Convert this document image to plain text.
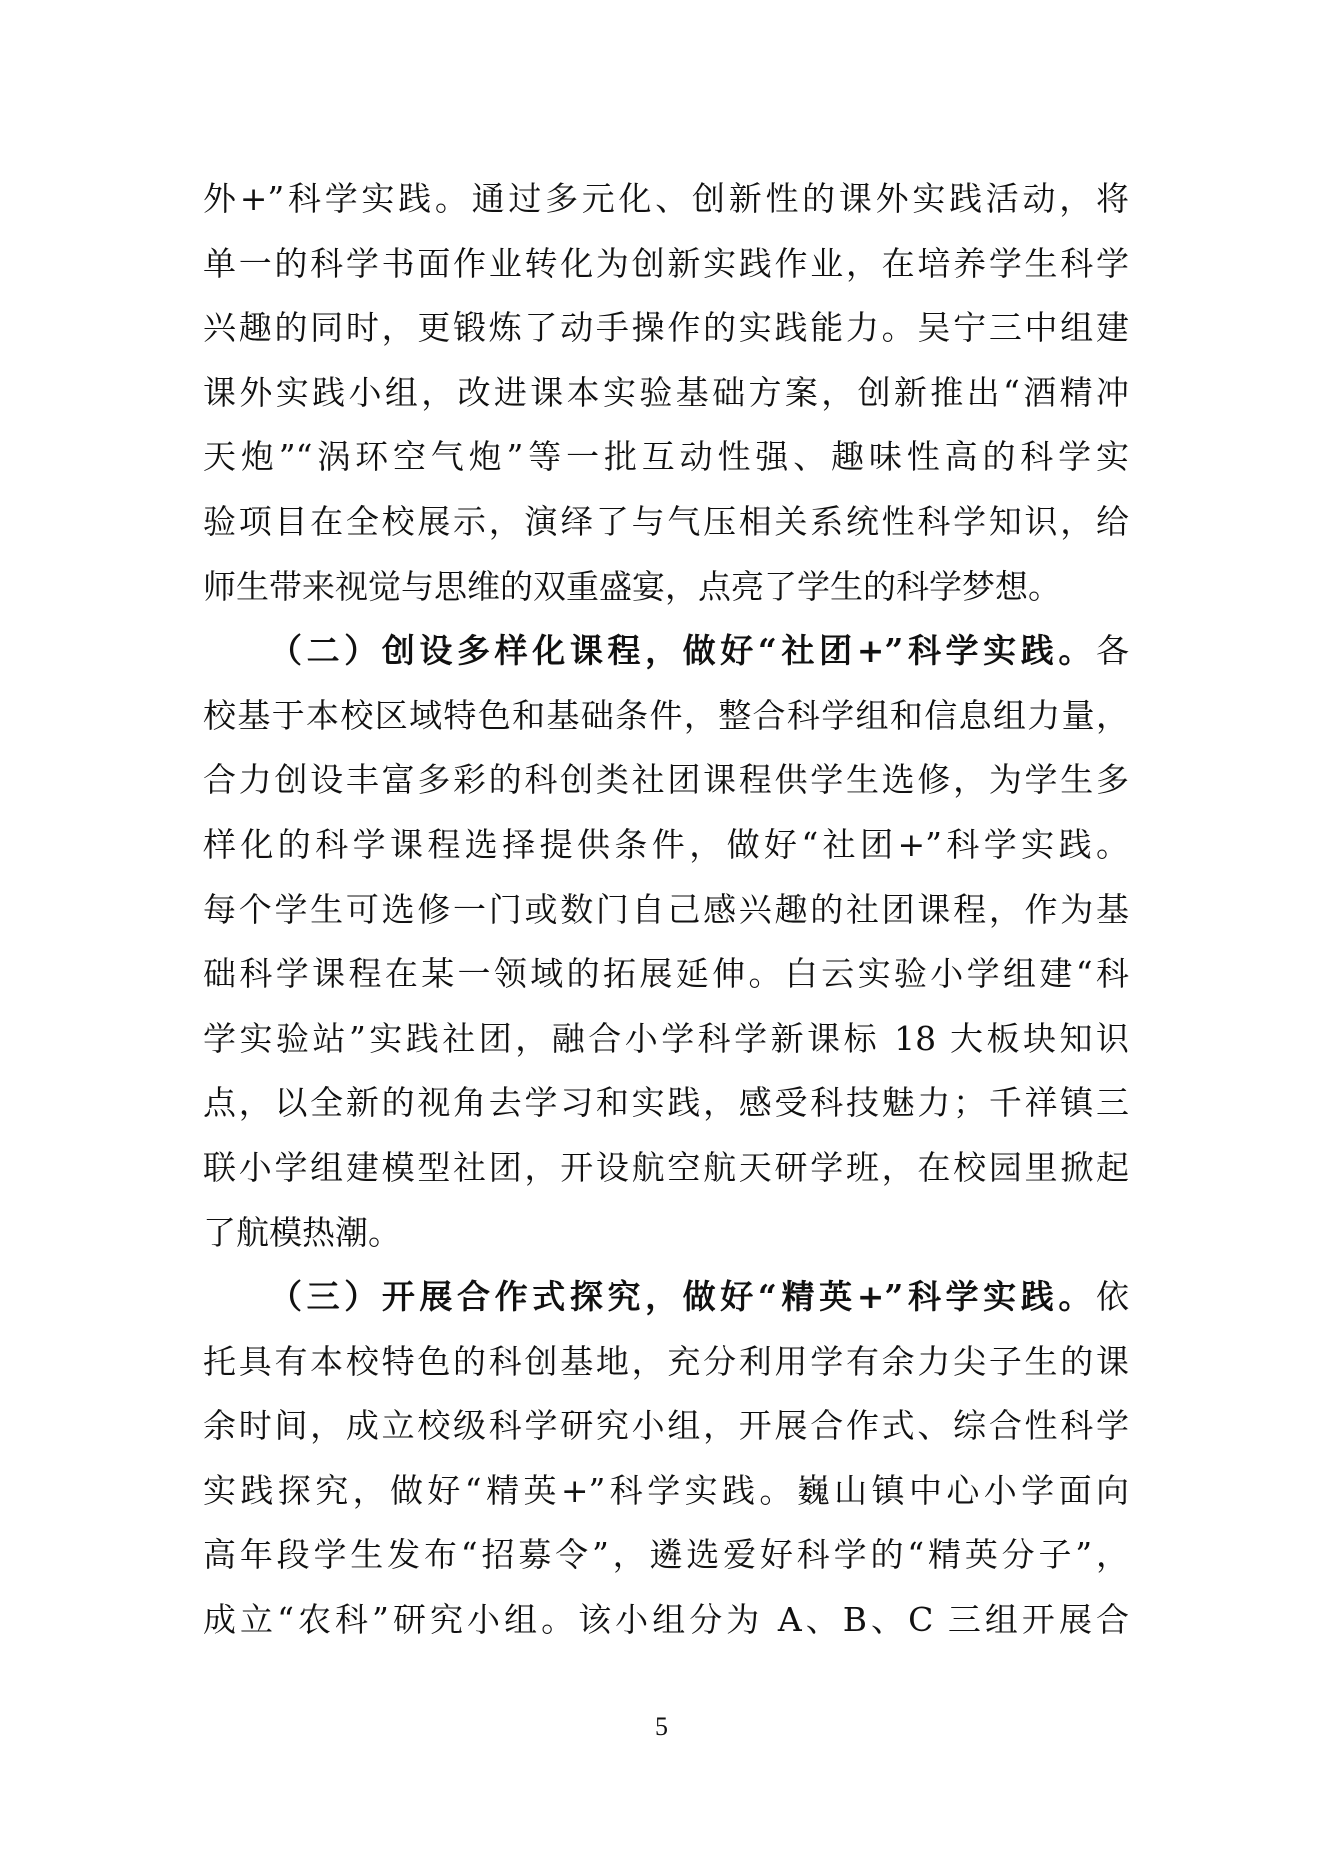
外+”科学实践。通过多元化、创新性的课外实践活动，将
单一的科学书面作业转化为创新实践作业，在培养学生科学
兴趣的同时，更锻炼了动手操作的实践能力。吴宁三中组建
课外实践小组，改进课本实验基础方案，创新推出“酒精冲
天炮”“涡环空气炮”等一批互动性强、趣味性高的科学实
验项目在全校展示，演绎了与气压相关系统性科学知识，给
师生带来视觉与思维的双重盛宴，点亮了学生的科学梦想。
（二）创设多样化课程，做好“社团+”科学实践。各
校基于本校区域特色和基础条件，整合科学组和信息组力量，
合力创设丰富多彩的科创类社团课程供学生选修，为学生多
样化的科学课程选择提供条件，做好“社团+”科学实践。
每个学生可选修一门或数门自己感兴趣的社团课程，作为基
础科学课程在某一领域的拓展延伸。白云实验小学组建“科
学实验站”实践社团，融合小学科学新课标 18 大板块知识
点，以全新的视角去学习和实践，感受科技魅力；千祥镇三
联小学组建模型社团，开设航空航天研学班，在校园里掀起
了航模热潮。
（三）开展合作式探究，做好“精英+”科学实践。依
托具有本校特色的科创基地，充分利用学有余力尖子生的课
余时间，成立校级科学研究小组，开展合作式、综合性科学
实践探究，做好“精英+”科学实践。巍山镇中心小学面向
高年段学生发布“招募令”，遴选爱好科学的“精英分子”，
成立“农科”研究小组。该小组分为 A、B、C 三组开展合
5
